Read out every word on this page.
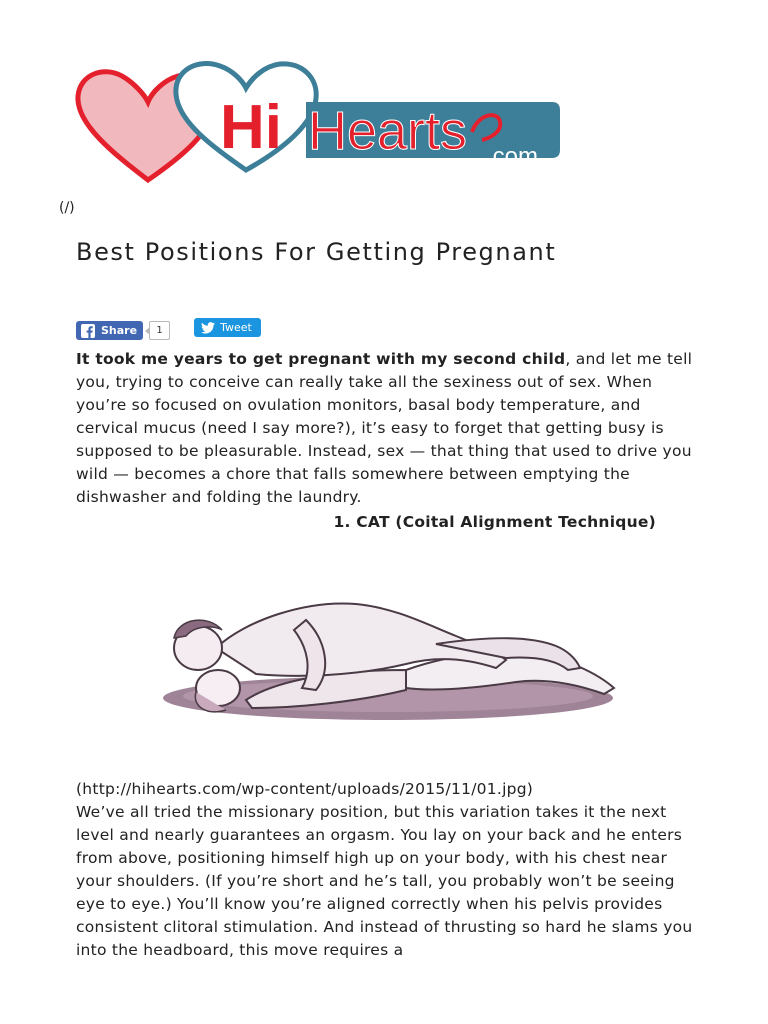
Hi Hearts .com
(/)
Best Positions For Getting Pregnant
Share	1	Tweet

It took me years to get pregnant with my second child, and let me tell you, trying to conceive can really take all the sexiness out of sex. When you’re so focused on ovulation monitors, basal body temperature, and cervical mucus (need I say more?), it’s easy to forget that getting busy is supposed to be pleasurable. Instead, sex — that thing that used to drive you wild — becomes a chore that falls somewhere between emptying the dishwasher and folding the laundry.

1. CAT (Coital Alignment Technique)
(http://hihearts.com/wp-content/uploads/2015/11/01.jpg)

We’ve all tried the missionary position, but this variation takes it the next level and nearly guarantees an orgasm. You lay on your back and he enters from above, positioning himself high up on your body, with his chest near your shoulders. (If you’re short and he’s tall, you probably won’t be seeing eye to eye.) You’ll know you’re aligned correctly when his pelvis provides consistent clitoral stimulation. And instead of thrusting so hard he slams you into the headboard, this move requires a
